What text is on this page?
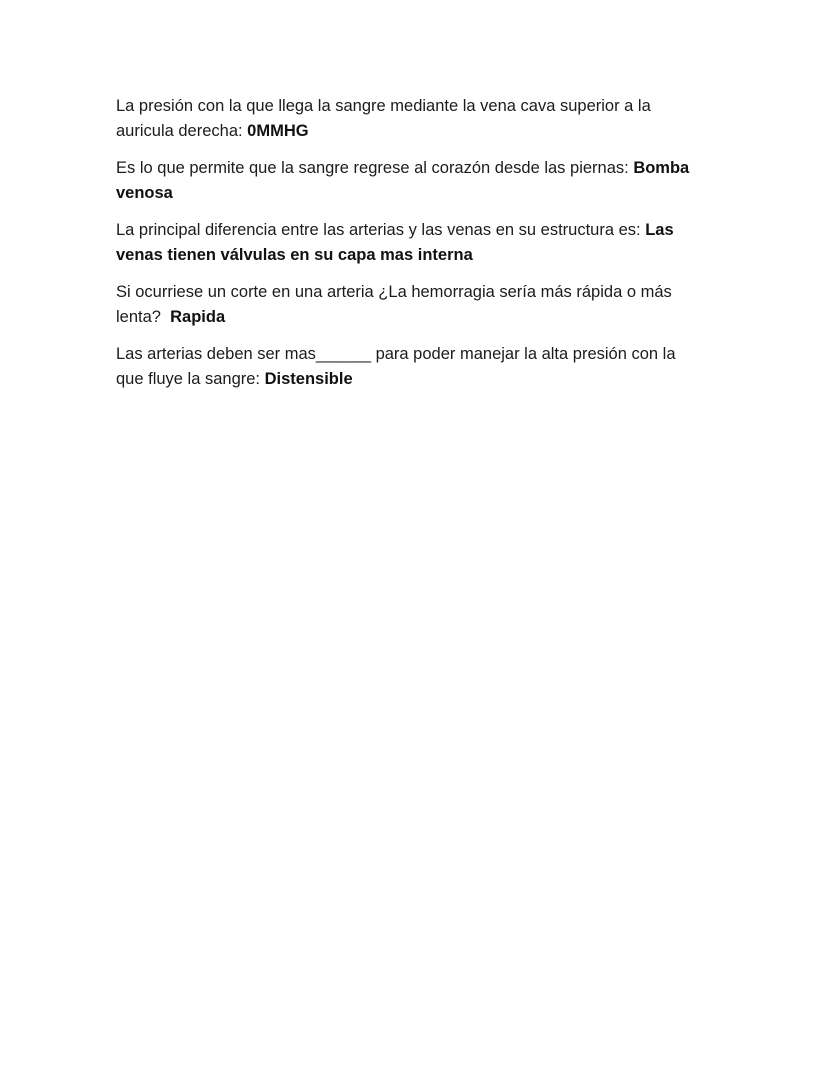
La presión con la que llega la sangre mediante la vena cava superior a la auricula derecha: 0MMHG

Es lo que permite que la sangre regrese al corazón desde las piernas: Bomba venosa

La principal diferencia entre las arterias y las venas en su estructura es: Las venas tienen válvulas en su capa mas interna

Si ocurriese un corte en una arteria ¿La hemorragia sería más rápida o más lenta?  Rapida

Las arterias deben ser mas______ para poder manejar la alta presión con la que fluye la sangre: Distensible
